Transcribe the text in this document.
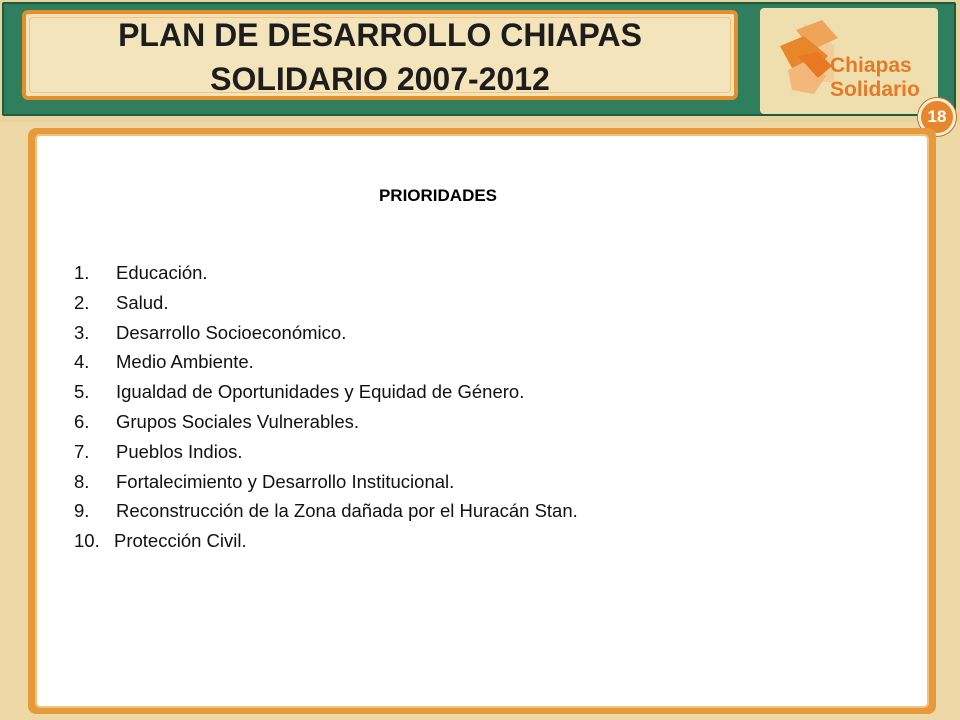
PLAN DE DESARROLLO CHIAPAS
SOLIDARIO 2007-2012	Chiapas
Solidario
18
PRIORIDADES
1. Educación.
2. Salud.
3. Desarrollo Socioeconómico.
4. Medio Ambiente.
5. Igualdad de Oportunidades y Equidad de Género.
6. Grupos Sociales Vulnerables.
7. Pueblos Indios.
8. Fortalecimiento y Desarrollo Institucional.
9. Reconstrucción de la Zona dañada por el Huracán Stan.
10. Protección Civil.
